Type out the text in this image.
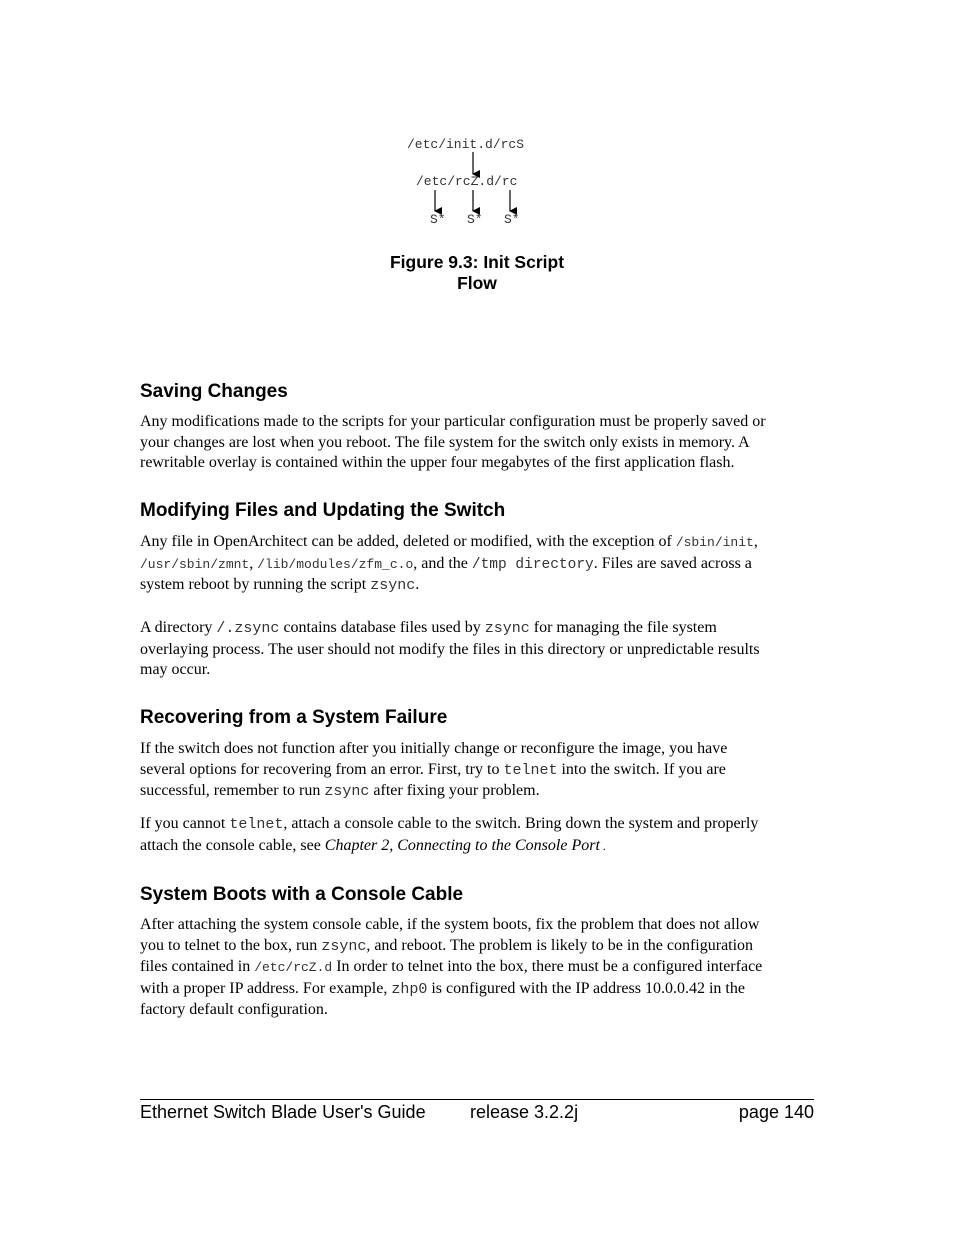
/etc/init.d/rcS
/etc/rcZ.d/rc
S* S* S*
Figure 9.3: Init Script
Flow
Saving Changes
Any modifications made to the scripts for your particular configuration must be properly saved or
your changes are lost when you reboot. The file system for the switch only exists in memory. A
rewritable overlay is contained within the upper four megabytes of the first application flash.
Modifying Files and Updating the Switch
Any file in OpenArchitect can be added, deleted or modified, with the exception of /sbin/init,
/usr/sbin/zmnt, /lib/modules/zfm_c.o, and the /tmp directory. Files are saved across a
system reboot by running the script zsync.
A directory /.zsync contains database files used by zsync for managing the file system
overlaying process. The user should not modify the files in this directory or unpredictable results
may occur.
Recovering from a System Failure
If the switch does not function after you initially change or reconfigure the image, you have
several options for recovering from an error. First, try to telnet into the switch. If you are
successful, remember to run zsync after fixing your problem.
If you cannot telnet, attach a console cable to the switch. Bring down the system and properly
attach the console cable, see Chapter 2, Connecting to the Console Port .
System Boots with a Console Cable
After attaching the system console cable, if the system boots, fix the problem that does not allow
you to telnet to the box, run zsync, and reboot. The problem is likely to be in the configuration
files contained in /etc/rcZ.d In order to telnet into the box, there must be a configured interface
with a proper IP address. For example, zhp0 is configured with the IP address 10.0.0.42 in the
factory default configuration.
Ethernet Switch Blade User's Guide release 3.2.2j	page 140
